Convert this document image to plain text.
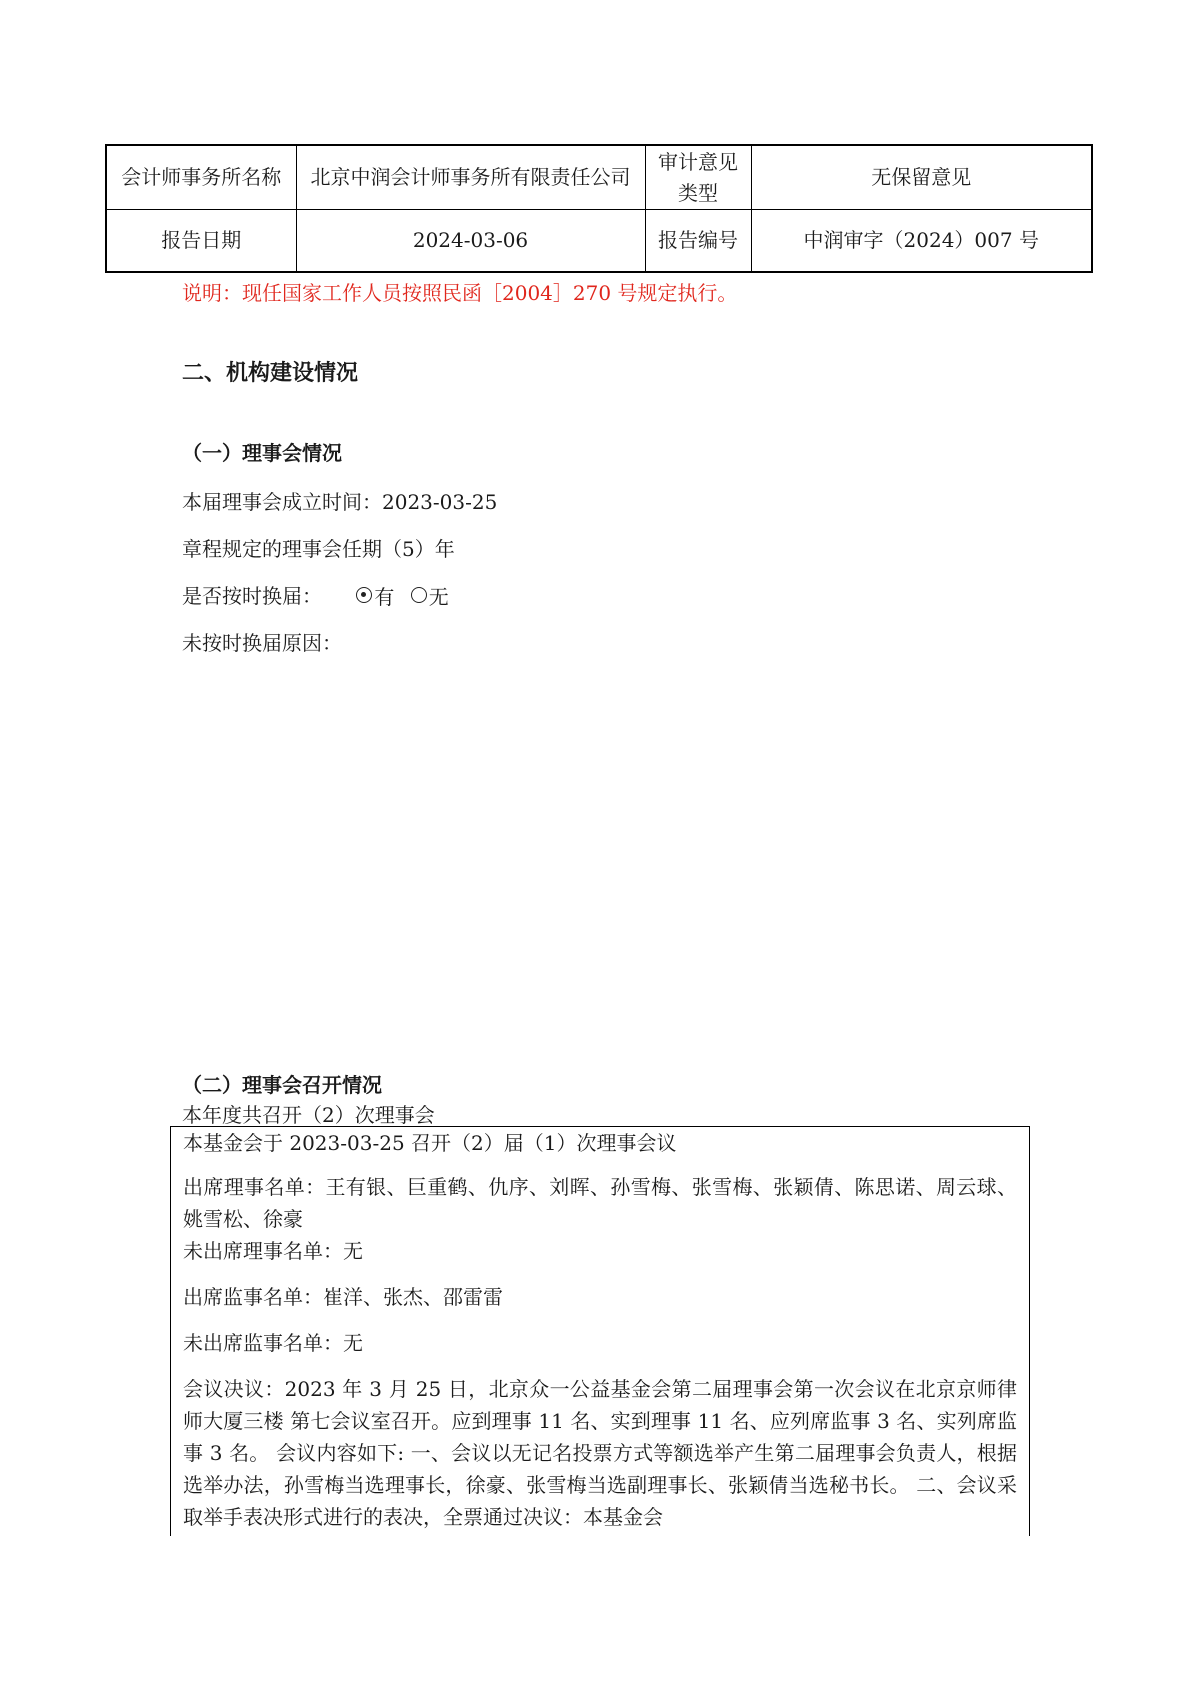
会计师事务所名称	北京中润会计师事务所有限责任公司	审计意见类型	无保留意见
报告日期	2024-03-06	报告编号	中润审字（2024）007 号
说明：现任国家工作人员按照民函［2004］270 号规定执行。
二、机构建设情况
（一）理事会情况
本届理事会成立时间：2023-03-25
章程规定的理事会任期（5）年
是否按时换届：	有
无
未按时换届原因：
（二）理事会召开情况
本年度共召开（2）次理事会

本基金会于 2023-03-25 召开（2）届（1）次理事会议

出席理事名单：王有银、巨重鹤、仇序、刘晖、孙雪梅、张雪梅、张颖倩、陈思诺、周云球、姚雪松、徐豪

未出席理事名单：无

出席监事名单：崔洋、张杰、邵雷雷

未出席监事名单：无

会议决议：2023 年 3 月 25 日，北京众一公益基金会第二届理事会第一次会议在北京京师律师大厦三楼 第七会议室召开。应到理事 11 名、实到理事 11 名、应列席监事 3 名、实列席监事 3 名。 会议内容如下: 一、会议以无记名投票方式等额选举产生第二届理事会负责人，根据选举办法，孙雪梅当选理事长，徐豪、张雪梅当选副理事长、张颖倩当选秘书长。 二、会议采取举手表决形式进行的表决，全票通过决议：本基金会
